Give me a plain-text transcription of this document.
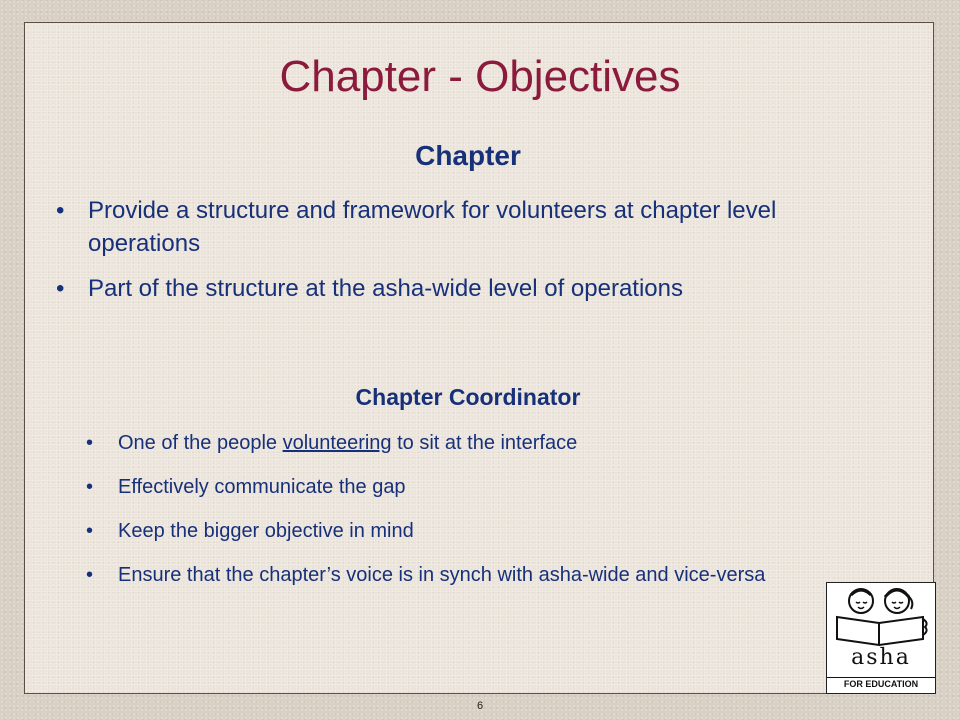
Chapter - Objectives
Chapter
• Provide a structure and framework for volunteers at chapter level operations
• Part of the structure at the asha-wide level of operations
Chapter Coordinator
• One of the people volunteering to sit at the interface
• Effectively communicate the gap
• Keep the bigger objective in mind
• Ensure that the chapter’s voice is in synch with asha-wide and vice-versa
asha
FOR EDUCATION
6
